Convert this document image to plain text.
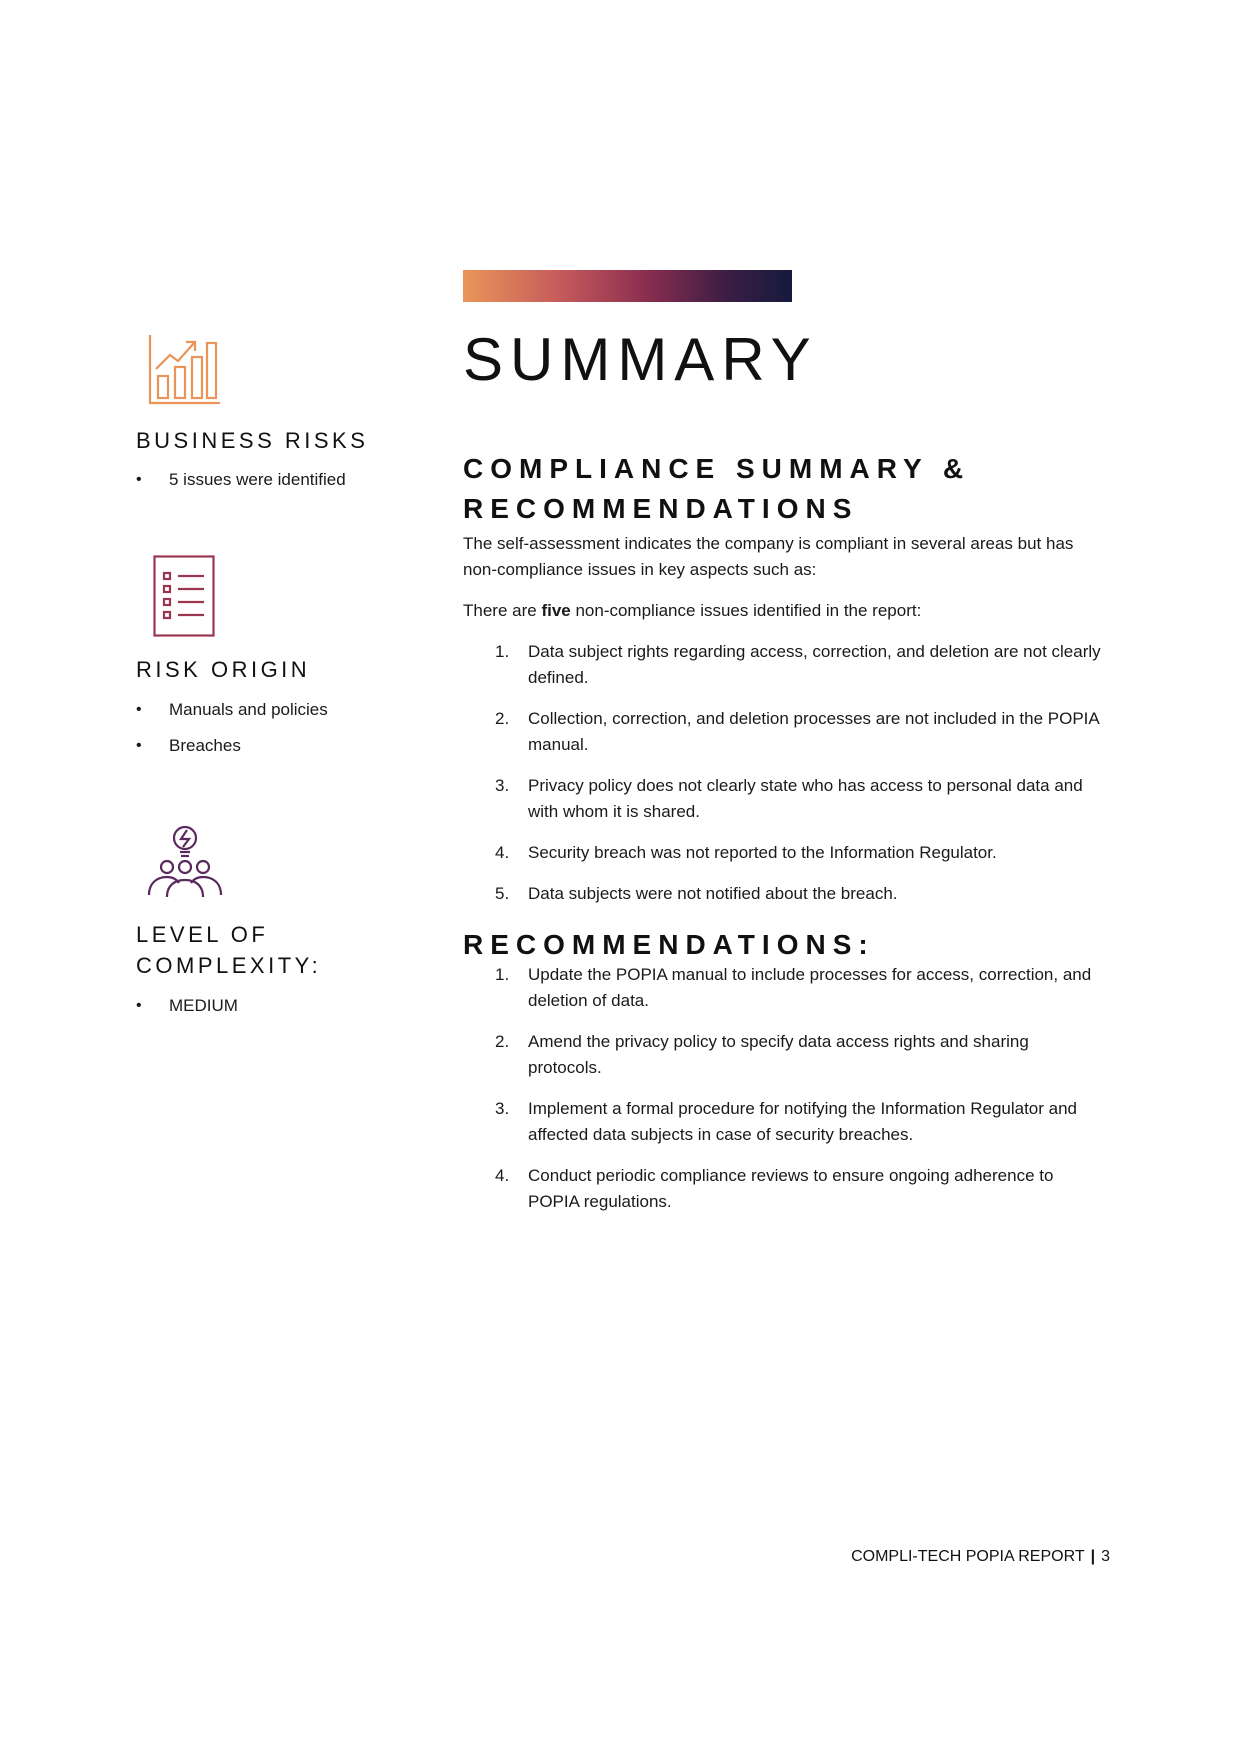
SUMMARY
BUSINESS RISKS
• 5 issues were identified
RISK ORIGIN
• Manuals and policies
• Breaches
LEVEL OF
COMPLEXITY:
• MEDIUM
COMPLIANCE SUMMARY &
RECOMMENDATIONS

The self-assessment indicates the company is compliant in several areas but has non-compliance issues in key aspects such as:

There are five non-compliance issues identified in the report:

1. Data subject rights regarding access, correction, and deletion are not clearly defined.
2. Collection, correction, and deletion processes are not included in the POPIA manual.
3. Privacy policy does not clearly state who has access to personal data and with whom it is shared.
4. Security breach was not reported to the Information Regulator.
5. Data subjects were not notified about the breach.
RECOMMENDATIONS:
1. Update the POPIA manual to include processes for access, correction, and deletion of data.
2. Amend the privacy policy to specify data access rights and sharing protocols.
3. Implement a formal procedure for notifying the Information Regulator and affected data subjects in case of security breaches.
4. Conduct periodic compliance reviews to ensure ongoing adherence to POPIA regulations.
COMPLI-TECH POPIA REPORT | 3
